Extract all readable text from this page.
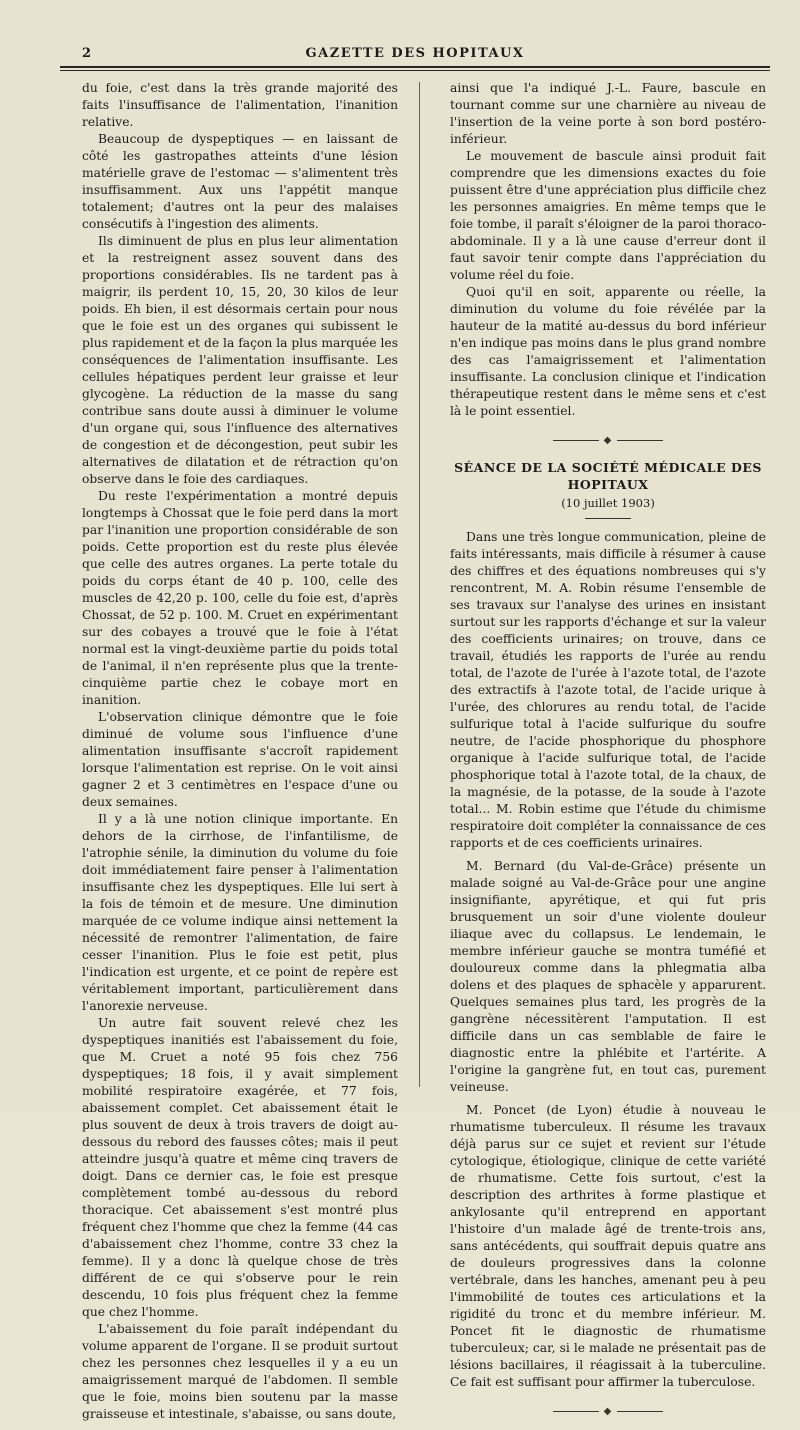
2	GAZETTE DES HOPITAUX

du foie, c'est dans la très grande majorité des faits l'insuffisance de l'alimentation, l'inanition relative.

Beaucoup de dyspeptiques — en laissant de côté les gastropathes atteints d'une lésion matérielle grave de l'estomac — s'alimentent très insuffisamment. Aux uns l'appétit manque totalement; d'autres ont la peur des malaises consécutifs à l'ingestion des aliments.

Ils diminuent de plus en plus leur alimentation et la restreignent assez souvent dans des proportions considérables. Ils ne tardent pas à maigrir, ils perdent 10, 15, 20, 30 kilos de leur poids. Eh bien, il est désormais certain pour nous que le foie est un des organes qui subissent le plus rapidement et de la façon la plus marquée les conséquences de l'alimentation insuffisante. Les cellules hépatiques perdent leur graisse et leur glycogène. La réduction de la masse du sang contribue sans doute aussi à diminuer le volume d'un organe qui, sous l'influence des alternatives de congestion et de décongestion, peut subir les alternatives de dilatation et de rétraction qu'on observe dans le foie des cardiaques.

Du reste l'expérimentation a montré depuis longtemps à Chossat que le foie perd dans la mort par l'inanition une proportion considérable de son poids. Cette proportion est du reste plus élevée que celle des autres organes. La perte totale du poids du corps étant de 40 p. 100, celle des muscles de 42,20 p. 100, celle du foie est, d'après Chossat, de 52 p. 100. M. Cruet en expérimentant sur des cobayes a trouvé que le foie à l'état normal est la vingt-deuxième partie du poids total de l'animal, il n'en représente plus que la trente-cinquième partie chez le cobaye mort en inanition.

L'observation clinique démontre que le foie diminué de volume sous l'influence d'une alimentation insuffisante s'accroît rapidement lorsque l'alimentation est reprise. On le voit ainsi gagner 2 et 3 centimètres en l'espace d'une ou deux semaines.

Il y a là une notion clinique importante. En dehors de la cirrhose, de l'infantilisme, de l'atrophie sénile, la diminution du volume du foie doit immédiatement faire penser à l'alimentation insuffisante chez les dyspeptiques. Elle lui sert à la fois de témoin et de mesure. Une diminution marquée de ce volume indique ainsi nettement la nécessité de remontrer l'alimentation, de faire cesser l'inanition. Plus le foie est petit, plus l'indication est urgente, et ce point de repère est véritablement important, particulièrement dans l'anorexie nerveuse.

Un autre fait souvent relevé chez les dyspeptiques inanitiés est l'abaissement du foie, que M. Cruet a noté 95 fois chez 756 dyspeptiques; 18 fois, il y avait simplement mobilité respiratoire exagérée, et 77 fois, abaissement complet. Cet abaissement était le plus souvent de deux à trois travers de doigt au-dessous du rebord des fausses côtes; mais il peut atteindre jusqu'à quatre et même cinq travers de doigt. Dans ce dernier cas, le foie est presque complètement tombé au-dessous du rebord thoracique. Cet abaissement s'est montré plus fréquent chez l'homme que chez la femme (44 cas d'abaissement chez l'homme, contre 33 chez la femme). Il y a donc là quelque chose de très différent de ce qui s'observe pour le rein descendu, 10 fois plus fréquent chez la femme que chez l'homme.

L'abaissement du foie paraît indépendant du volume apparent de l'organe. Il se produit surtout chez les personnes chez lesquelles il y a eu un amaigrissement marqué de l'abdomen. Il semble que le foie, moins bien soutenu par la masse graisseuse et intestinale, s'abaisse, ou sans doute,

ainsi que l'a indiqué J.-L. Faure, bascule en tournant comme sur une charnière au niveau de l'insertion de la veine porte à son bord postéro-inférieur.

Le mouvement de bascule ainsi produit fait comprendre que les dimensions exactes du foie puissent être d'une appréciation plus difficile chez les personnes amaigries. En même temps que le foie tombe, il paraît s'éloigner de la paroi thoraco-abdominale. Il y a là une cause d'erreur dont il faut savoir tenir compte dans l'appréciation du volume réel du foie.

Quoi qu'il en soit, apparente ou réelle, la diminution du volume du foie révélée par la hauteur de la matité au-dessus du bord inférieur n'en indique pas moins dans le plus grand nombre des cas l'amaigrissement et l'alimentation insuffisante. La conclusion clinique et l'indication thérapeutique restent dans le même sens et c'est là le point essentiel.

◆
SÉANCE DE LA SOCIÉTÉ MÉDICALE DES HOPITAUX
(10 juillet 1903)

Dans une très longue communication, pleine de faits intéressants, mais difficile à résumer à cause des chiffres et des équations nombreuses qui s'y rencontrent, M. A. Robin résume l'ensemble de ses travaux sur l'analyse des urines en insistant surtout sur les rapports d'échange et sur la valeur des coefficients urinaires; on trouve, dans ce travail, étudiés les rapports de l'urée au rendu total, de l'azote de l'urée à l'azote total, de l'azote des extractifs à l'azote total, de l'acide urique à l'urée, des chlorures au rendu total, de l'acide sulfurique total à l'acide sulfurique du soufre neutre, de l'acide phosphorique du phosphore organique à l'acide sulfurique total, de l'acide phosphorique total à l'azote total, de la chaux, de la magnésie, de la potasse, de la soude à l'azote total... M. Robin estime que l'étude du chimisme respiratoire doit compléter la connaissance de ces rapports et de ces coefficients urinaires.

M. Bernard (du Val-de-Grâce) présente un malade soigné au Val-de-Grâce pour une angine insignifiante, apyrétique, et qui fut pris brusquement un soir d'une violente douleur iliaque avec du collapsus. Le lendemain, le membre inférieur gauche se montra tuméfié et douloureux comme dans la phlegmatia alba dolens et des plaques de sphacèle y apparurent. Quelques semaines plus tard, les progrès de la gangrène nécessitèrent l'amputation. Il est difficile dans un cas semblable de faire le diagnostic entre la phlébite et l'artérite. A l'origine la gangrène fut, en tout cas, purement veineuse.

M. Poncet (de Lyon) étudie à nouveau le rhumatisme tuberculeux. Il résume les travaux déjà parus sur ce sujet et revient sur l'étude cytologique, étiologique, clinique de cette variété de rhumatisme. Cette fois surtout, c'est la description des arthrites à forme plastique et ankylosante qu'il entreprend en apportant l'histoire d'un malade âgé de trente-trois ans, sans antécédents, qui souffrait depuis quatre ans de douleurs progressives dans la colonne vertébrale, dans les hanches, amenant peu à peu l'immobilité de toutes ces articulations et la rigidité du tronc et du membre inférieur. M. Poncet fit le diagnostic de rhumatisme tuberculeux; car, si le malade ne présentait pas de lésions bacillaires, il réagissait à la tuberculine. Ce fait est suffisant pour affirmer la tuberculose.

◆
